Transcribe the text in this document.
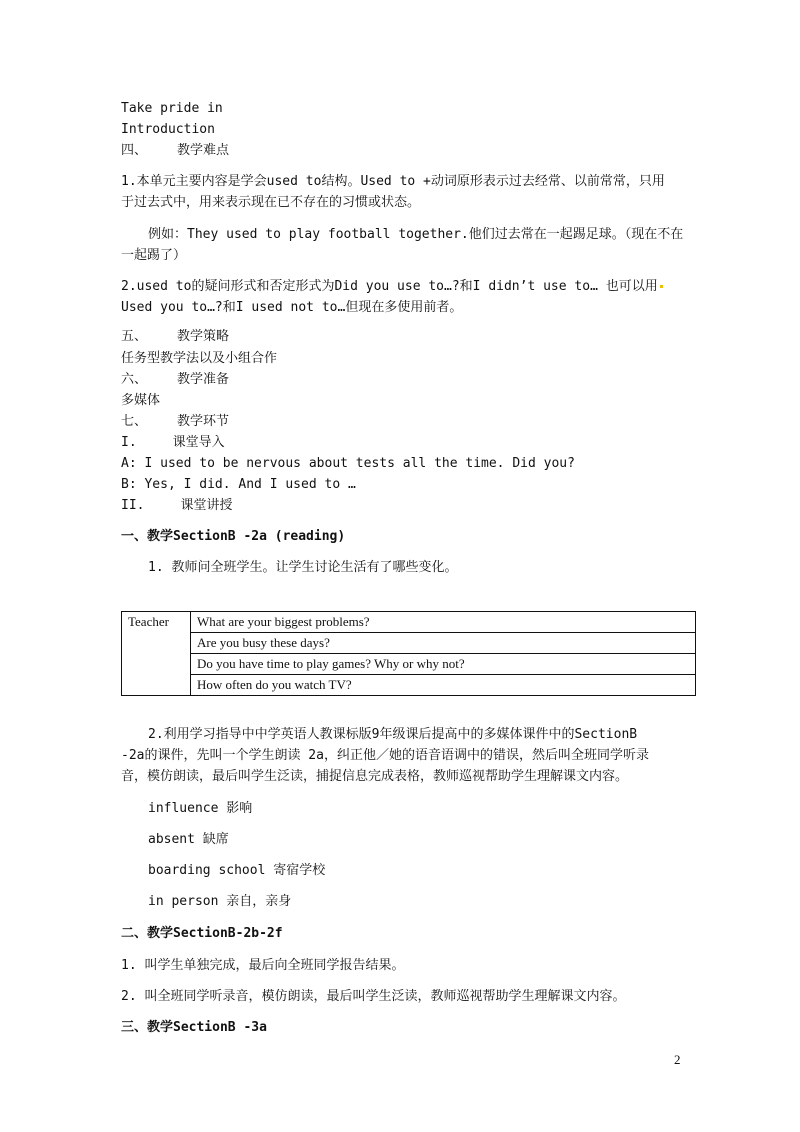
Take pride in
Introduction
四、 教学难点
1.本单元主要内容是学会used to结构。Used to +动词原形表示过去经常、以前常常，只用
于过去式中，用来表示现在已不存在的习惯或状态。
例如：They used to play football together.他们过去常在一起踢足球。（现在不在
一起踢了）
2.used to的疑问形式和否定形式为Did you use to…?和I didn’t use to… 也可以用
Used you to…?和I used not to…但现在多使用前者。
五、 教学策略
任务型教学法以及小组合作
六、 教学准备
多媒体
七、 教学环节
I.	课堂导入
A: I used to be nervous about tests all the time. Did you?
B: Yes, I did. And I used to …
II.	课堂讲授
一、教学SectionB -2a (reading)
1. 教师问全班学生。让学生讨论生活有了哪些变化。
Teacher	What are your biggest problems?
Are you busy these days?
Do you have time to play games? Why or why not?
How often do you watch TV?
2.利用学习指导中中学英语人教课标版9年级课后提高中的多媒体课件中的SectionB
-2a的课件，先叫一个学生朗读 2a，纠正他／她的语音语调中的错误，然后叫全班同学听录
音，模仿朗读，最后叫学生泛读，捕捉信息完成表格，教师巡视帮助学生理解课文内容。
influence 影响
absent 缺席
boarding school 寄宿学校
in person 亲自，亲身
二、教学SectionB-2b-2f
1. 叫学生单独完成，最后向全班同学报告结果。
2. 叫全班同学听录音，模仿朗读，最后叫学生泛读，教师巡视帮助学生理解课文内容。
三、教学SectionB -3a
2
